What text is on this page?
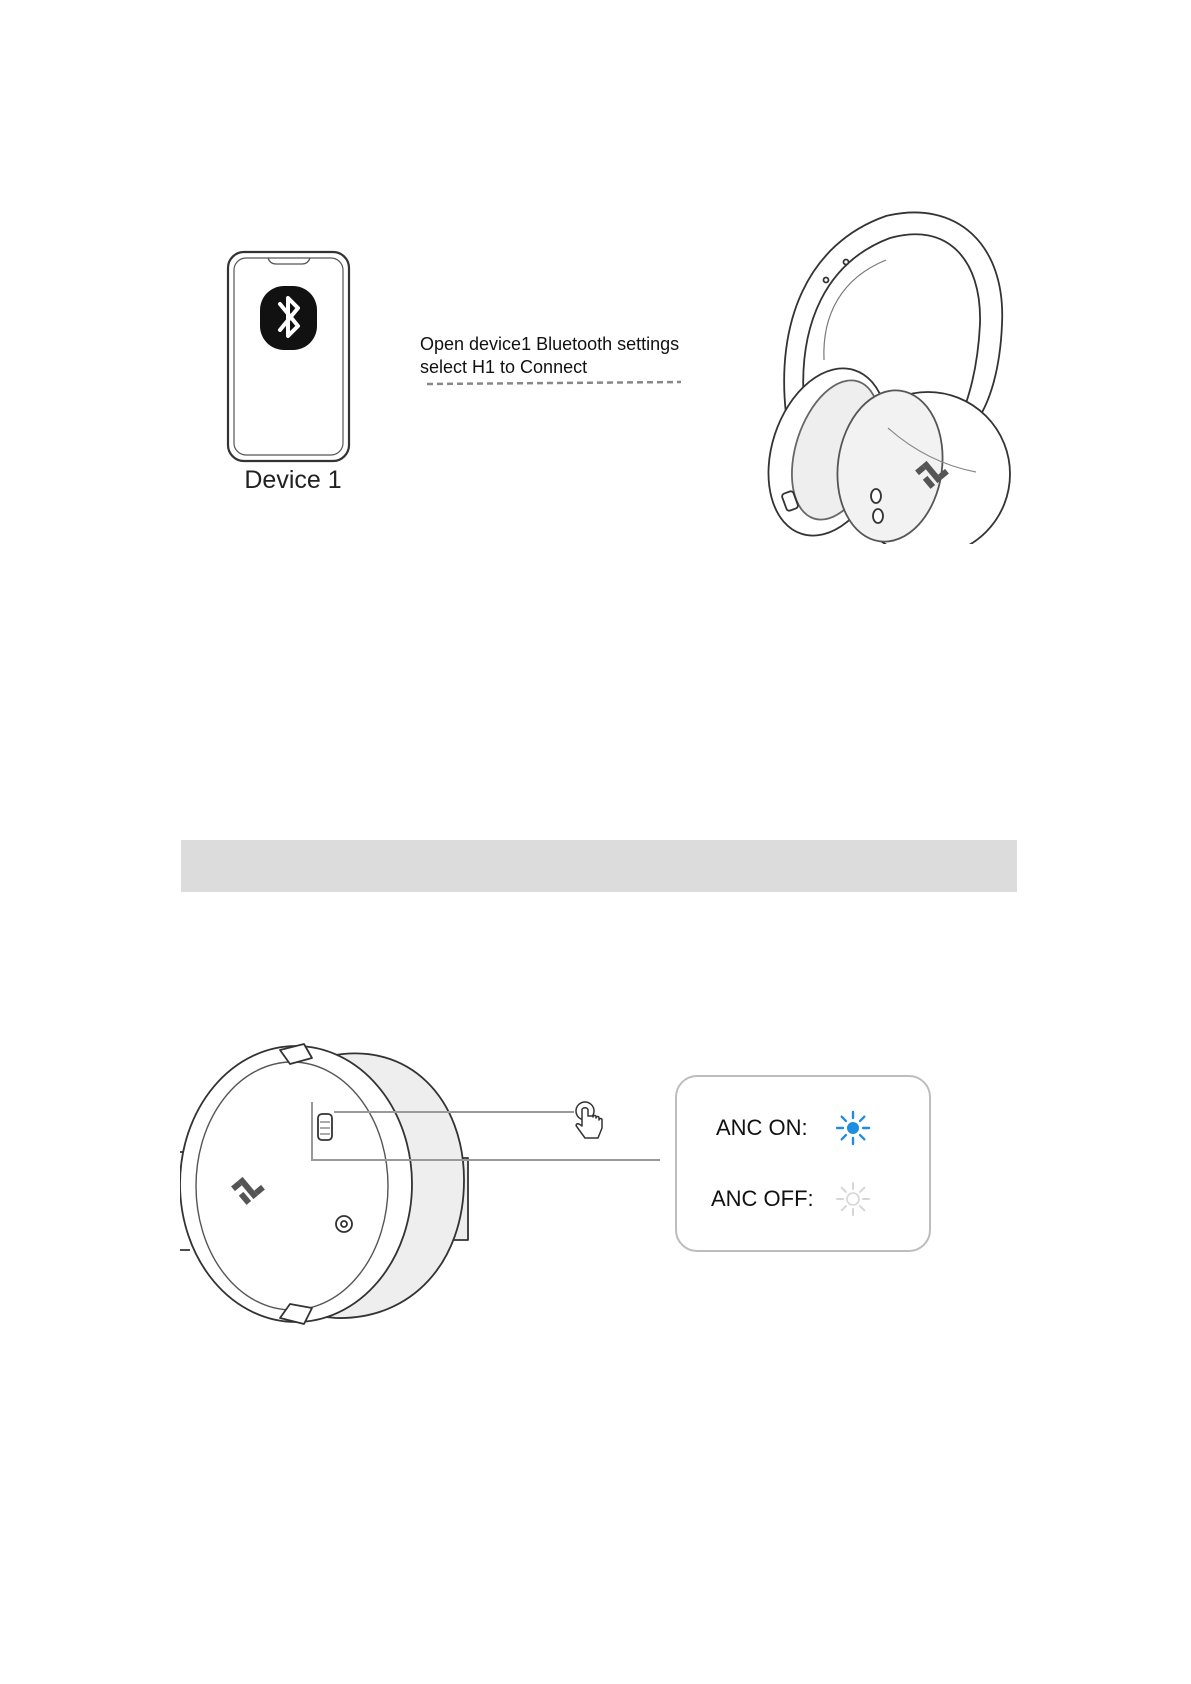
Device 1
Open device1 Bluetooth settings
select H1 to Connect
ANC ON:
ANC OFF:
